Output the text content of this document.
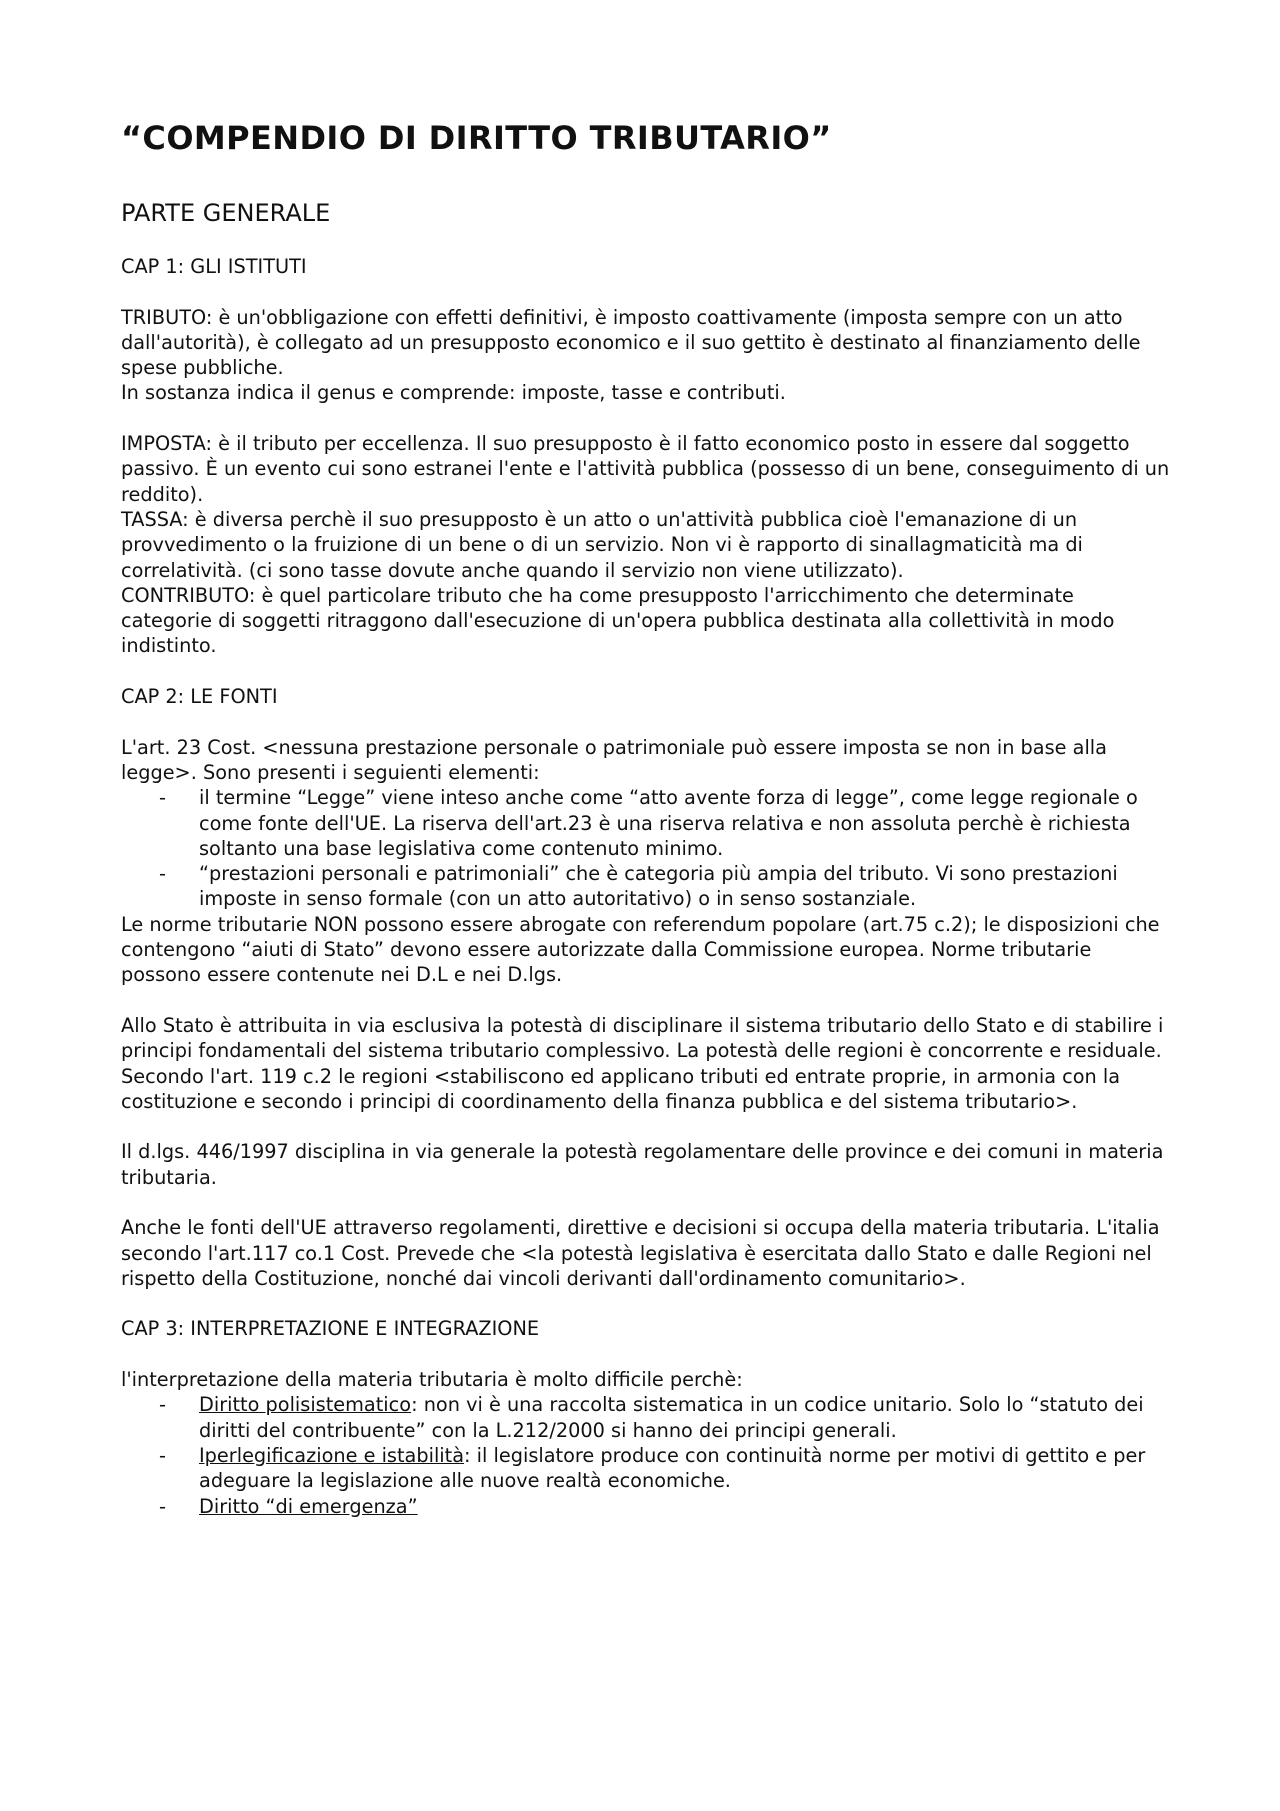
“COMPENDIO DI DIRITTO TRIBUTARIO”
PARTE GENERALE
CAP 1: GLI ISTITUTI

TRIBUTO: è un'obbligazione con effetti definitivi, è imposto coattivamente (imposta sempre con un atto dall'autorità), è collegato ad un presupposto economico e il suo gettito è destinato al finanziamento delle spese pubbliche.

In sostanza indica il genus e comprende: imposte, tasse e contributi.

IMPOSTA: è il tributo per eccellenza. Il suo presupposto è il fatto economico posto in essere dal soggetto passivo. È un evento cui sono estranei l'ente e l'attività pubblica (possesso di un bene, conseguimento di un reddito).

TASSA: è diversa perchè il suo presupposto è un atto o un'attività pubblica cioè l'emanazione di un provvedimento o la fruizione di un bene o di un servizio. Non vi è rapporto di sinallagmaticità ma di correlatività. (ci sono tasse dovute anche quando il servizio non viene utilizzato).

CONTRIBUTO: è quel particolare tributo che ha come presupposto l'arricchimento che determinate categorie di soggetti ritraggono dall'esecuzione di un'opera pubblica destinata alla collettività in modo indistinto.

CAP 2: LE FONTI

L'art. 23 Cost. <nessuna prestazione personale o patrimoniale può essere imposta se non in base alla legge>. Sono presenti i seguienti elementi:

- il termine “Legge” viene inteso anche come “atto avente forza di legge”, come legge regionale o come fonte dell'UE. La riserva dell'art.23 è una riserva relativa e non assoluta perchè è richiesta soltanto una base legislativa come contenuto minimo.
- “prestazioni personali e patrimoniali” che è categoria più ampia del tributo. Vi sono prestazioni imposte in senso formale (con un atto autoritativo) o in senso sostanziale.

Le norme tributarie NON possono essere abrogate con referendum popolare (art.75 c.2); le disposizioni che contengono “aiuti di Stato” devono essere autorizzate dalla Commissione europea. Norme tributarie possono essere contenute nei D.L e nei D.lgs.

Allo Stato è attribuita in via esclusiva la potestà di disciplinare il sistema tributario dello Stato e di stabilire i principi fondamentali del sistema tributario complessivo. La potestà delle regioni è concorrente e residuale. Secondo l'art. 119 c.2 le regioni <stabiliscono ed applicano tributi ed entrate proprie, in armonia con la costituzione e secondo i principi di coordinamento della finanza pubblica e del sistema tributario>.

Il d.lgs. 446/1997 disciplina in via generale la potestà regolamentare delle province e dei comuni in materia tributaria.

Anche le fonti dell'UE attraverso regolamenti, direttive e decisioni si occupa della materia tributaria. L'italia secondo l'art.117 co.1 Cost. Prevede che <la potestà legislativa è esercitata dallo Stato e dalle Regioni nel rispetto della Costituzione, nonché dai vincoli derivanti dall'ordinamento comunitario>.

CAP 3: INTERPRETAZIONE E INTEGRAZIONE

l'interpretazione della materia tributaria è molto difficile perchè:

- Diritto polisistematico: non vi è una raccolta sistematica in un codice unitario. Solo lo “statuto dei diritti del contribuente” con la L.212/2000 si hanno dei principi generali.
- Iperlegificazione e istabilità: il legislatore produce con continuità norme per motivi di gettito e per adeguare la legislazione alle nuove realtà economiche.
- Diritto “di emergenza”
